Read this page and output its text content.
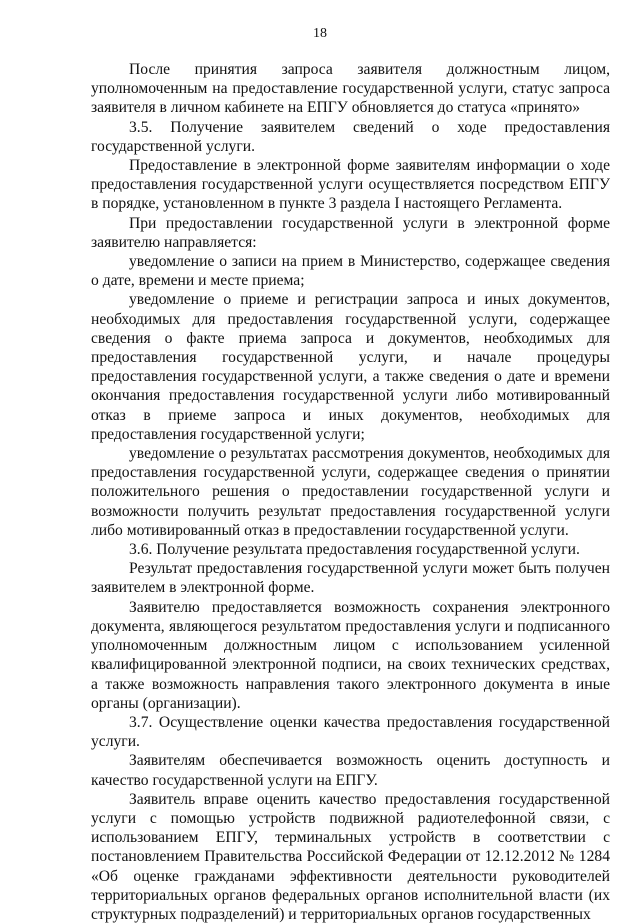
18

После принятия запроса заявителя должностным лицом, уполномоченным на предоставление государственной услуги, статус запроса заявителя в личном кабинете на ЕПГУ обновляется до статуса «принято»

3.5. Получение заявителем сведений о ходе предоставления государственной услуги.

Предоставление в электронной форме заявителям информации о ходе предоставления государственной услуги осуществляется посредством ЕПГУ в порядке, установленном в пункте 3 раздела I настоящего Регламента.

При предоставлении государственной услуги в электронной форме заявителю направляется:

уведомление о записи на прием в Министерство, содержащее сведения о дате, времени и месте приема;

уведомление о приеме и регистрации запроса и иных документов, необходимых для предоставления государственной услуги, содержащее сведения о факте приема запроса и документов, необходимых для предоставления государственной услуги, и начале процедуры предоставления государственной услуги, а также сведения о дате и времени окончания предоставления государственной услуги либо мотивированный отказ в приеме запроса и иных документов, необходимых для предоставления государственной услуги;

уведомление о результатах рассмотрения документов, необходимых для предоставления государственной услуги, содержащее сведения о принятии положительного решения о предоставлении государственной услуги и возможности получить результат предоставления государственной услуги либо мотивированный отказ в предоставлении государственной услуги.

3.6. Получение результата предоставления государственной услуги.

Результат предоставления государственной услуги может быть получен заявителем в электронной форме.

Заявителю предоставляется возможность сохранения электронного документа, являющегося результатом предоставления услуги и подписанного уполномоченным должностным лицом с использованием усиленной квалифицированной электронной подписи, на своих технических средствах, а также возможность направления такого электронного документа в иные органы (организации).

3.7. Осуществление оценки качества предоставления государственной услуги.

Заявителям обеспечивается возможность оценить доступность и качество государственной услуги на ЕПГУ.

Заявитель вправе оценить качество предоставления государственной услуги с помощью устройств подвижной радиотелефонной связи, с использованием ЕПГУ, терминальных устройств в соответствии с постановлением Правительства Российской Федерации от 12.12.2012 № 1284 «Об оценке гражданами эффективности деятельности руководителей территориальных органов федеральных органов исполнительной власти (их структурных подразделений) и территориальных органов государственных
